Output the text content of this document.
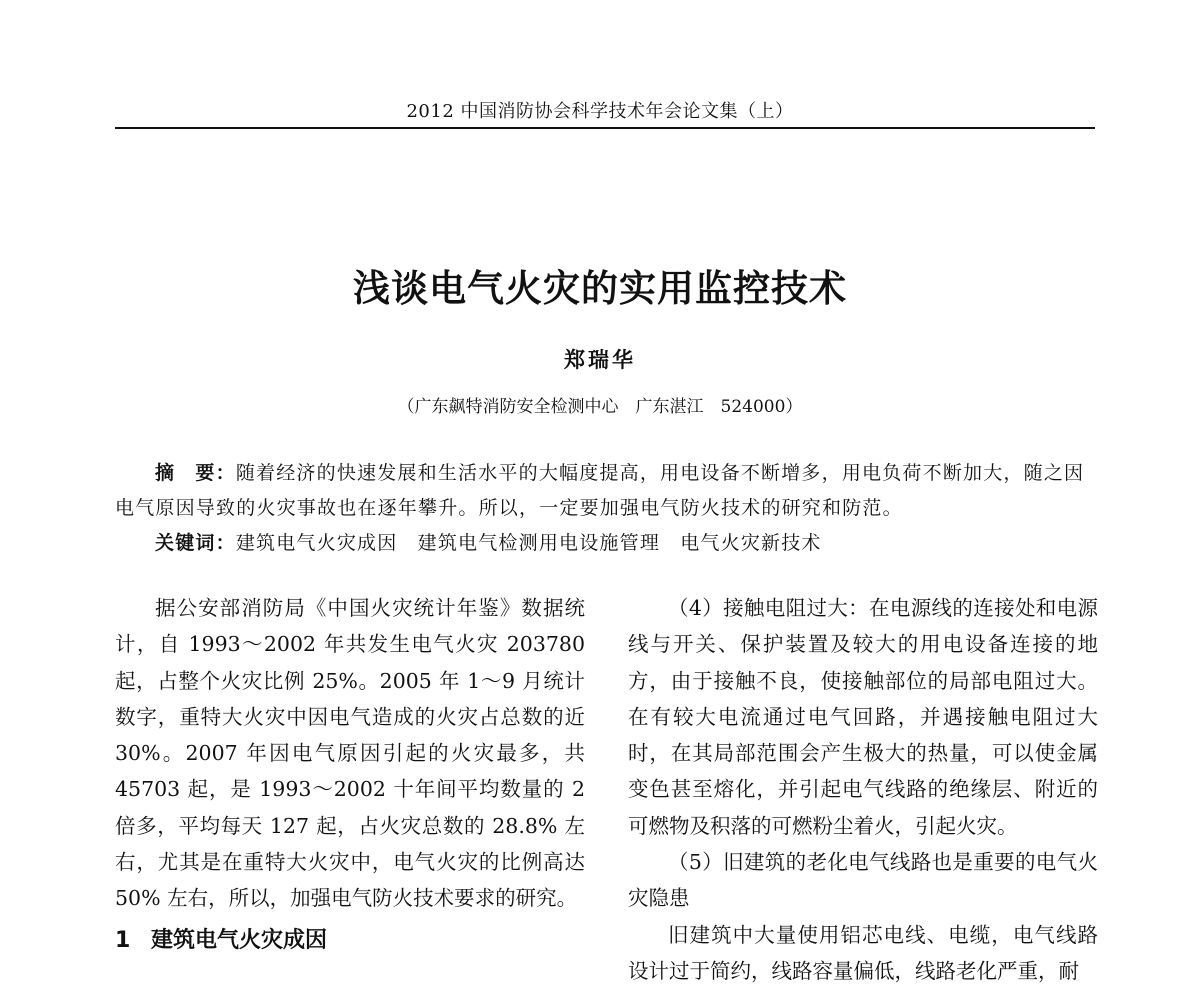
2012 中国消防协会科学技术年会论文集（上）
浅谈电气火灾的实用监控技术
郑瑞华
（广东飙特消防安全检测中心　广东湛江　524000）

摘　要：随着经济的快速发展和生活水平的大幅度提高，用电设备不断增多，用电负荷不断加大，随之因电气原因导致的火灾事故也在逐年攀升。所以，一定要加强电气防火技术的研究和防范。

关键词：建筑电气火灾成因　建筑电气检测用电设施管理　电气火灾新技术

据公安部消防局《中国火灾统计年鉴》数据统计，自 1993～2002 年共发生电气火灾 203780 起，占整个火灾比例 25%。2005 年 1～9 月统计数字，重特大火灾中因电气造成的火灾占总数的近 30%。2007 年因电气原因引起的火灾最多，共 45703 起，是 1993～2002 十年间平均数量的 2 倍多，平均每天 127 起，占火灾总数的 28.8% 左右，尤其是在重特大火灾中，电气火灾的比例高达 50% 左右，所以，加强电气防火技术要求的研究。

1 建筑电气火灾成因

（4）接触电阻过大：在电源线的连接处和电源线与开关、保护装置及较大的用电设备连接的地方，由于接触不良，使接触部位的局部电阻过大。在有较大电流通过电气回路，并遇接触电阻过大时，在其局部范围会产生极大的热量，可以使金属变色甚至熔化，并引起电气线路的绝缘层、附近的可燃物及积落的可燃粉尘着火，引起火灾。

（5）旧建筑的老化电气线路也是重要的电气火灾隐患

旧建筑中大量使用铝芯电线、电缆，电气线路设计过于简约，线路容量偏低，线路老化严重，耐
